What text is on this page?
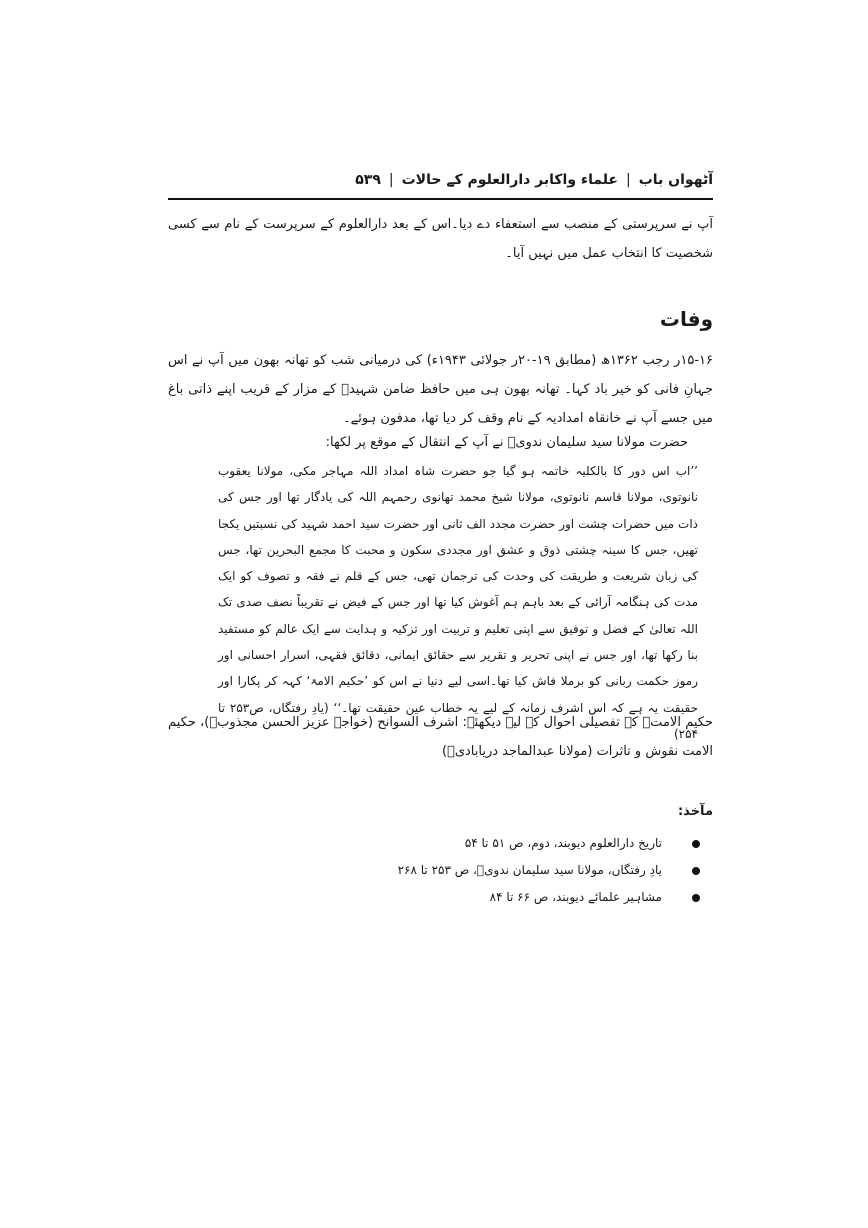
آٹھواں باب
|
علماء واکابر دارالعلوم کے حالات
|
۵۳۹
آپ نے سرپرستی کے منصب سے استعفاء دے دیا۔اس کے بعد دارالعلوم کے سرپرست کے نام سے کسی شخصیت کا انتخاب عمل میں نہیں آیا۔
وفات
۱۵-۱۶ر رجب ۱۳۶۲ھ (مطابق ۱۹-۲۰ر جولائی ۱۹۴۳ء) کی درمیانی شب کو تھانہ بھون میں آپ نے اس جہانِ فانی کو خیر باد کہا۔ تھانہ بھون ہی میں حافظ ضامن شہیدؒ کے مزار کے قریب اپنے ذاتی باغ میں جسے آپ نے خانقاہ امدادیہ کے نام وقف کر دیا تھا، مدفون ہوئے۔
حضرت مولانا سید سلیمان ندویؒ نے آپ کے انتقال کے موقع پر لکھا:
’’اب اس دور کا بالکلیہ خاتمہ ہو گیا جو حضرت شاہ امداد اللہ مہاجر مکی، مولانا یعقوب نانوتوی، مولانا قاسم نانوتوی، مولانا شیخ محمد تھانوی رحمہم اللہ کی یادگار تھا اور جس کی ذات میں حضرات چشت اور حضرت مجدد الف ثانی اور حضرت سید احمد شہید کی نسبتیں یکجا تھیں، جس کا سینہ چشتی ذوق و عشق اور مجددی سکون و محبت کا مجمع البحرین تھا، جس کی زبان شریعت و طریقت کی وحدت کی ترجمان تھی، جس کے قلم نے فقہ و تصوف کو ایک مدت کی ہنگامہ آرائی کے بعد باہم ہم آغوش کیا تھا اور جس کے فیض نے تقریباً نصف صدی تک اللہ تعالیٰ کے فضل و توفیق سے اپنی تعلیم و تربیت اور تزکیہ و ہدایت سے ایک عالم کو مستفید بنا رکھا تھا، اور جس نے اپنی تحریر و تقریر سے حقائق ایمانی، دقائق فقہی، اسرار احسانی اور رموز حکمت ربانی کو برملا فاش کیا تھا۔اسی لیے دنیا نے اس کو ’حکیم الامۃ‘ کہہ کر پکارا اور حقیقت یہ ہے کہ اس اشرف زمانہ کے لیے یہ خطاب عین حقیقت تھا۔‘‘ (یادِ رفتگاں، ص۲۵۳ تا ۲۵۴)
حکیم الامتؒ کے تفصیلی احوال کے لیے دیکھئے: اشرف السوانح (خواجہ عزیز الحسن مجذوبؒ)، حکیم الامت نقوش و تاثرات (مولانا عبدالماجد دریابادیؒ)
مآخذ:
تاریخ دارالعلوم دیوبند، دوم، ص ۵۱ تا ۵۴
یادِ رفتگاں، مولانا سید سلیمان ندویؒ، ص ۲۵۳ تا ۲۶۸
مشاہیر علمائے دیوبند، ص ۶۶ تا ۸۴
